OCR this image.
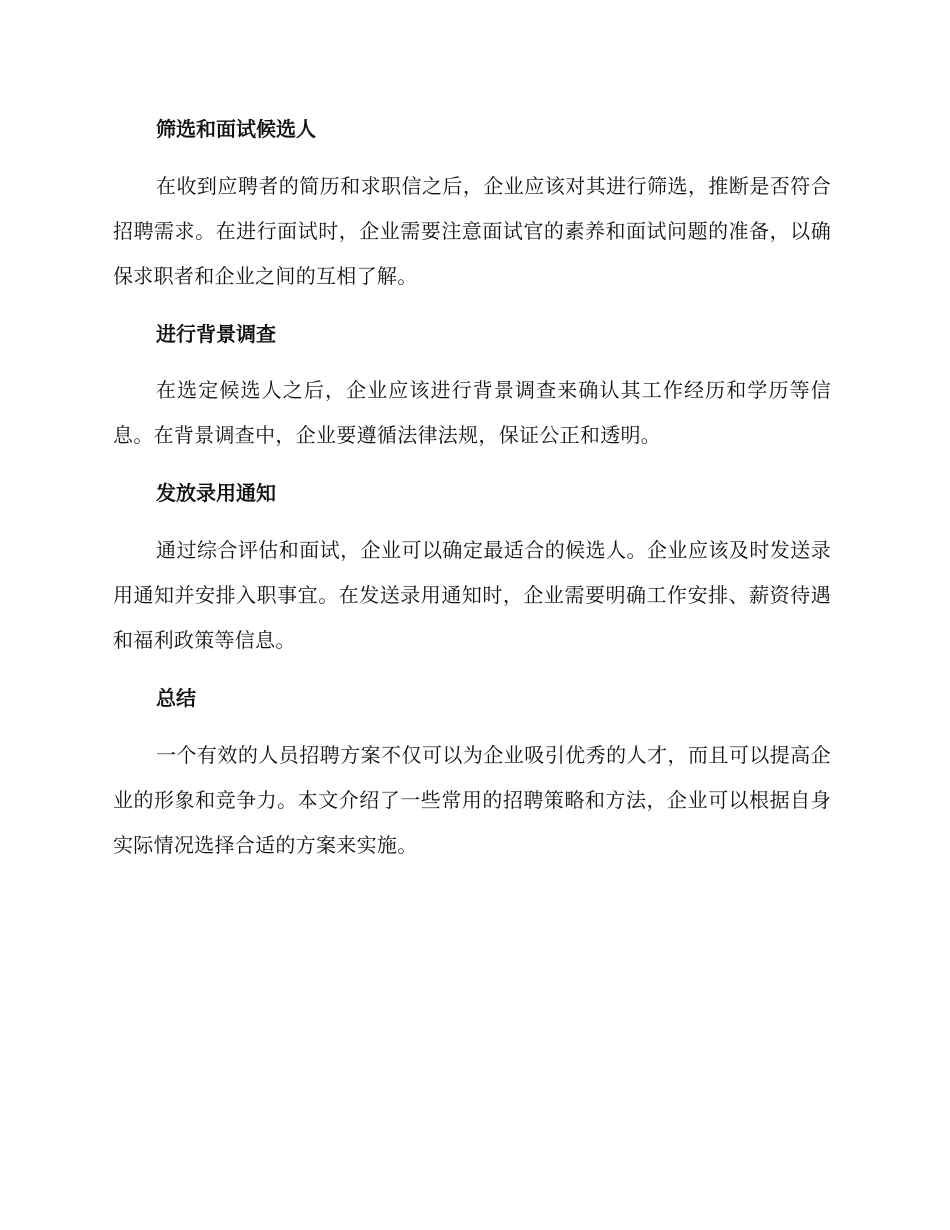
筛选和面试候选人

在收到应聘者的简历和求职信之后，企业应该对其进行筛选，推断是否符合招聘需求。在进行面试时，企业需要注意面试官的素养和面试问题的准备，以确保求职者和企业之间的互相了解。

进行背景调查

在选定候选人之后，企业应该进行背景调查来确认其工作经历和学历等信息。在背景调查中，企业要遵循法律法规，保证公正和透明。

发放录用通知

通过综合评估和面试，企业可以确定最适合的候选人。企业应该及时发送录用通知并安排入职事宜。在发送录用通知时，企业需要明确工作安排、薪资待遇和福利政策等信息。

总结

一个有效的人员招聘方案不仅可以为企业吸引优秀的人才，而且可以提高企业的形象和竞争力。本文介绍了一些常用的招聘策略和方法，企业可以根据自身实际情况选择合适的方案来实施。
